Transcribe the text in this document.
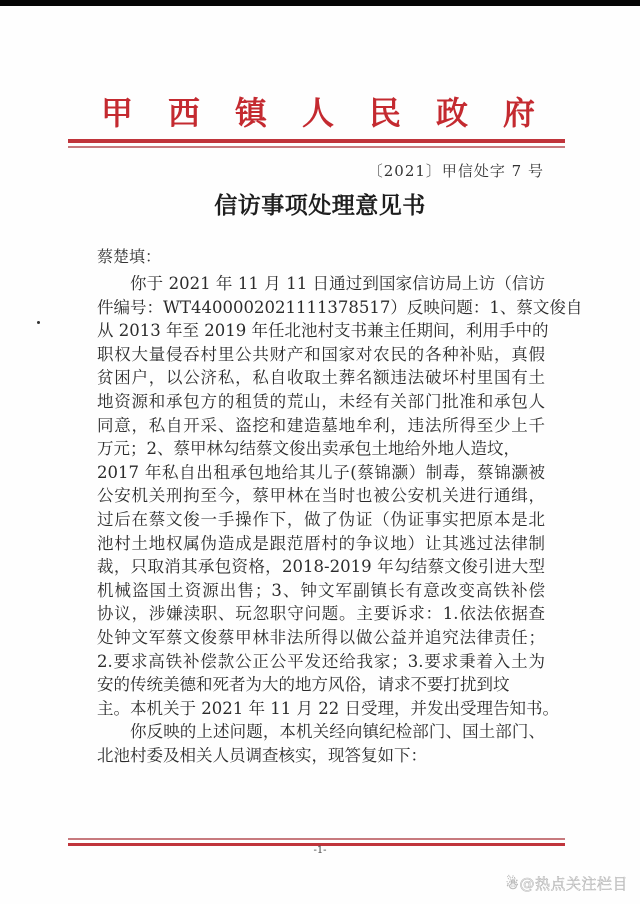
甲 西 镇 人 民 政 府
〔2021〕甲信处字 7 号
信访事项处理意见书
蔡楚填：
你于 2021 年 11 月 11 日通过到国家信访局上访（信访
件编号：WT4400002021111378517）反映问题：1、蔡文俊自
从 2013 年至 2019 年任北池村支书兼主任期间，利用手中的
职权大量侵吞村里公共财产和国家对农民的各种补贴，真假
贫困户，以公济私，私自收取土葬名额违法破坏村里国有土
地资源和承包方的租赁的荒山，未经有关部门批准和承包人
同意，私自开采、盗挖和建造墓地牟利，违法所得至少上千
万元；2、蔡甲林勾结蔡文俊出卖承包土地给外地人造坟，
2017 年私自出租承包地给其儿子(蔡锦灏）制毒，蔡锦灏被
公安机关刑拘至今，蔡甲林在当时也被公安机关进行通缉，
过后在蔡文俊一手操作下，做了伪证（伪证事实把原本是北
池村土地权属伪造成是跟范厝村的争议地）让其逃过法律制
裁，只取消其承包资格，2018-2019 年勾结蔡文俊引进大型
机械盗国土资源出售；3、钟文军副镇长有意改变高铁补偿
协议，涉嫌渎职、玩忽职守问题。主要诉求：1.依法依据查
处钟文军蔡文俊蔡甲林非法所得以做公益并追究法律责任；
2.要求高铁补偿款公正公平发还给我家；3.要求秉着入土为
安的传统美德和死者为大的地方风俗，请求不要打扰到坟
主。本机关于 2021 年 11 月 22 日受理，并发出受理告知书。
你反映的上述问题，本机关经向镇纪检部门、国土部门、
北池村委及相关人员调查核实，现答复如下：
-1-
☃@热点关注栏目
